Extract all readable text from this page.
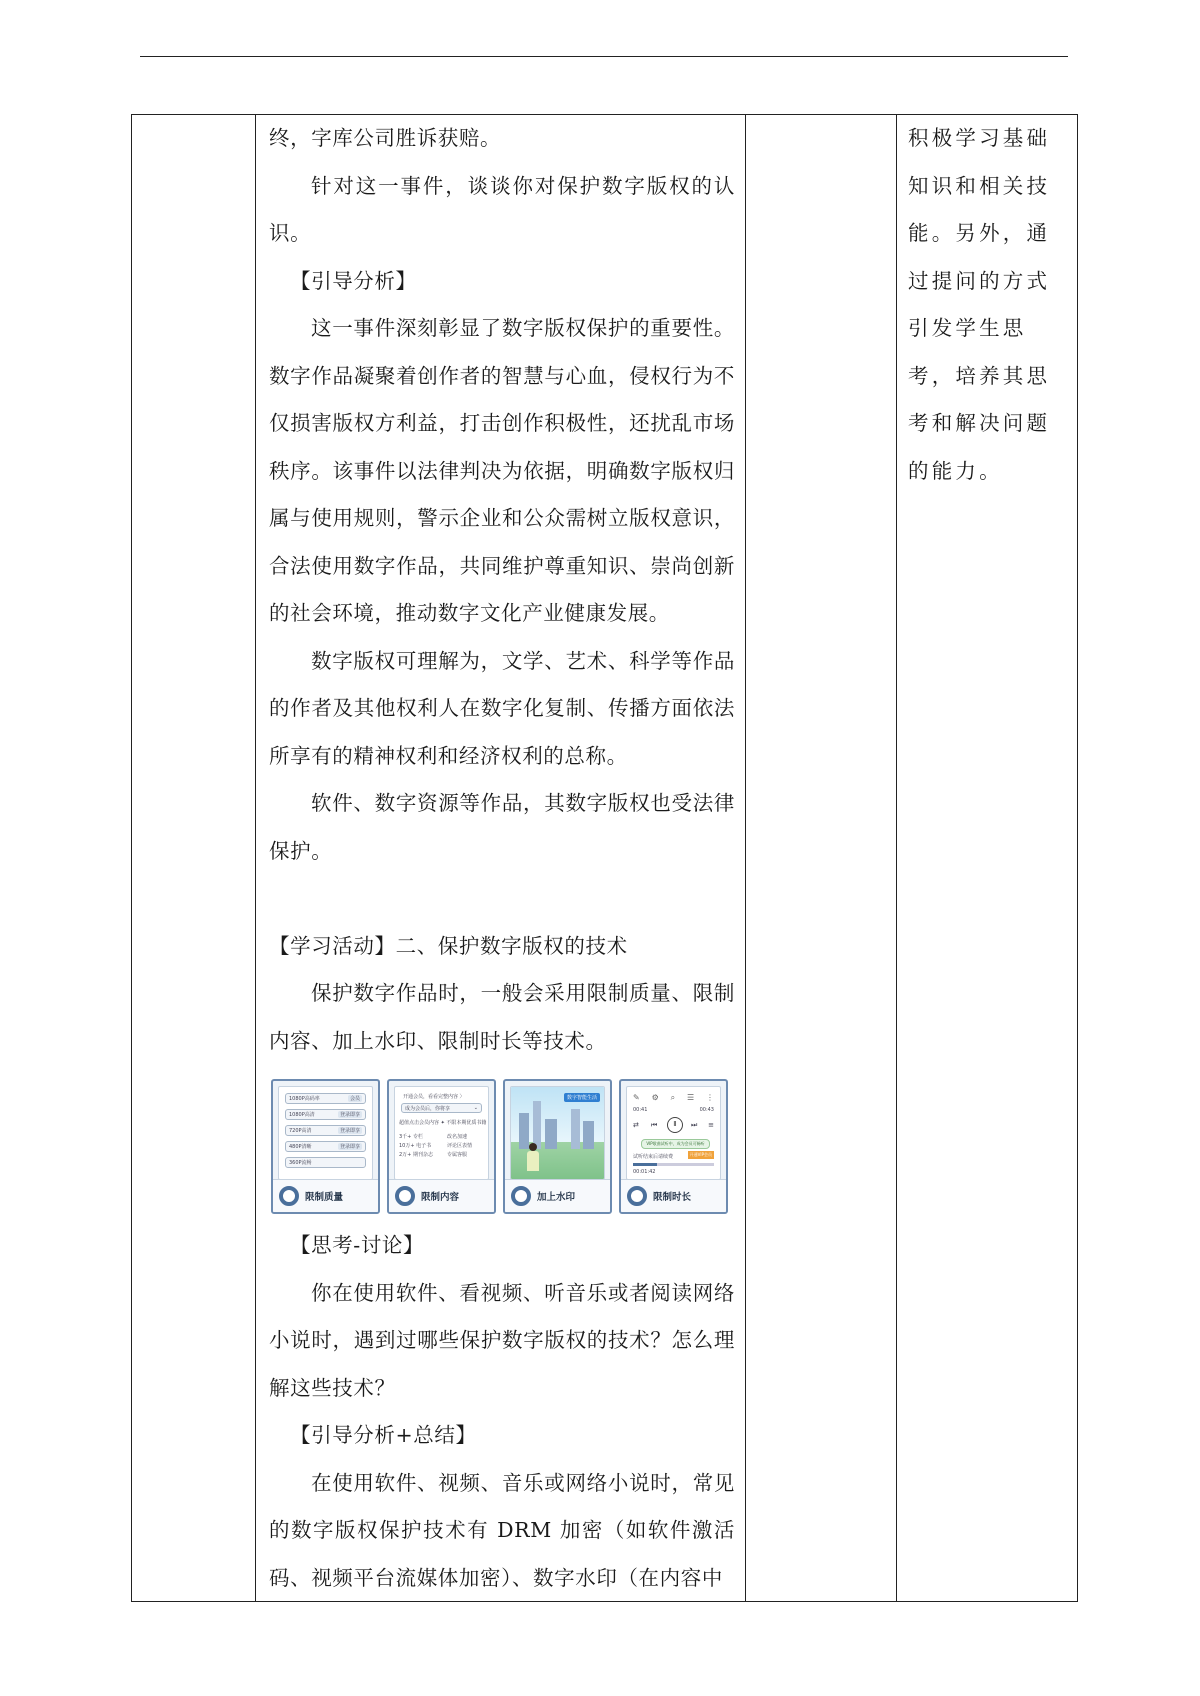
终，字库公司胜诉获赔。

针对这一事件，谈谈你对保护数字版权的认识。

【引导分析】

这一事件深刻彰显了数字版权保护的重要性。数字作品凝聚着创作者的智慧与心血，侵权行为不仅损害版权方利益，打击创作积极性，还扰乱市场秩序。该事件以法律判决为依据，明确数字版权归属与使用规则，警示企业和公众需树立版权意识，合法使用数字作品，共同维护尊重知识、崇尚创新的社会环境，推动数字文化产业健康发展。

数字版权可理解为，文学、艺术、科学等作品的作者及其他权利人在数字化复制、传播方面依法所享有的精神权利和经济权利的总称。

软件、数字资源等作品，其数字版权也受法律保护。

【学习活动】二、保护数字版权的技术

保护数字作品时，一般会采用限制质量、限制内容、加上水印、限制时长等技术。

1080P高码率	会员
1080P高清	登录即享
720P高清	登录即享
480P清晰	登录即享
360P流畅
限制质量
开通会员，看看完整内容 〉
成为会员后，你将享	⌄
超值点击会员内容 ✦ 不限本期优质书籍
3千+ 专栏
10万+ 电子书
2万+ 期刊杂志
改名加速
评论区表情
专属客服
限制内容
数字智能生活
加上水印
✎ ⚙ ⌕ ☰ ⋮
00:41	00:43
⇄ ⏮	Ⅱ	⏭ ≡
VIP歌曲试听中，成为会员可畅听
试听结束后请续费	开通VIP会员
00:01:42
限制时长

【思考-讨论】

你在使用软件、看视频、听音乐或者阅读网络小说时，遇到过哪些保护数字版权的技术？怎么理解这些技术？

【引导分析+总结】

在使用软件、视频、音乐或网络小说时，常见的数字版权保护技术有 DRM 加密（如软件激活码、视频平台流媒体加密）、数字水印（在内容中

积极学习基础知识和相关技能。另外，通过提问的方式引发学生思考，培养其思考和解决问题的能力。
